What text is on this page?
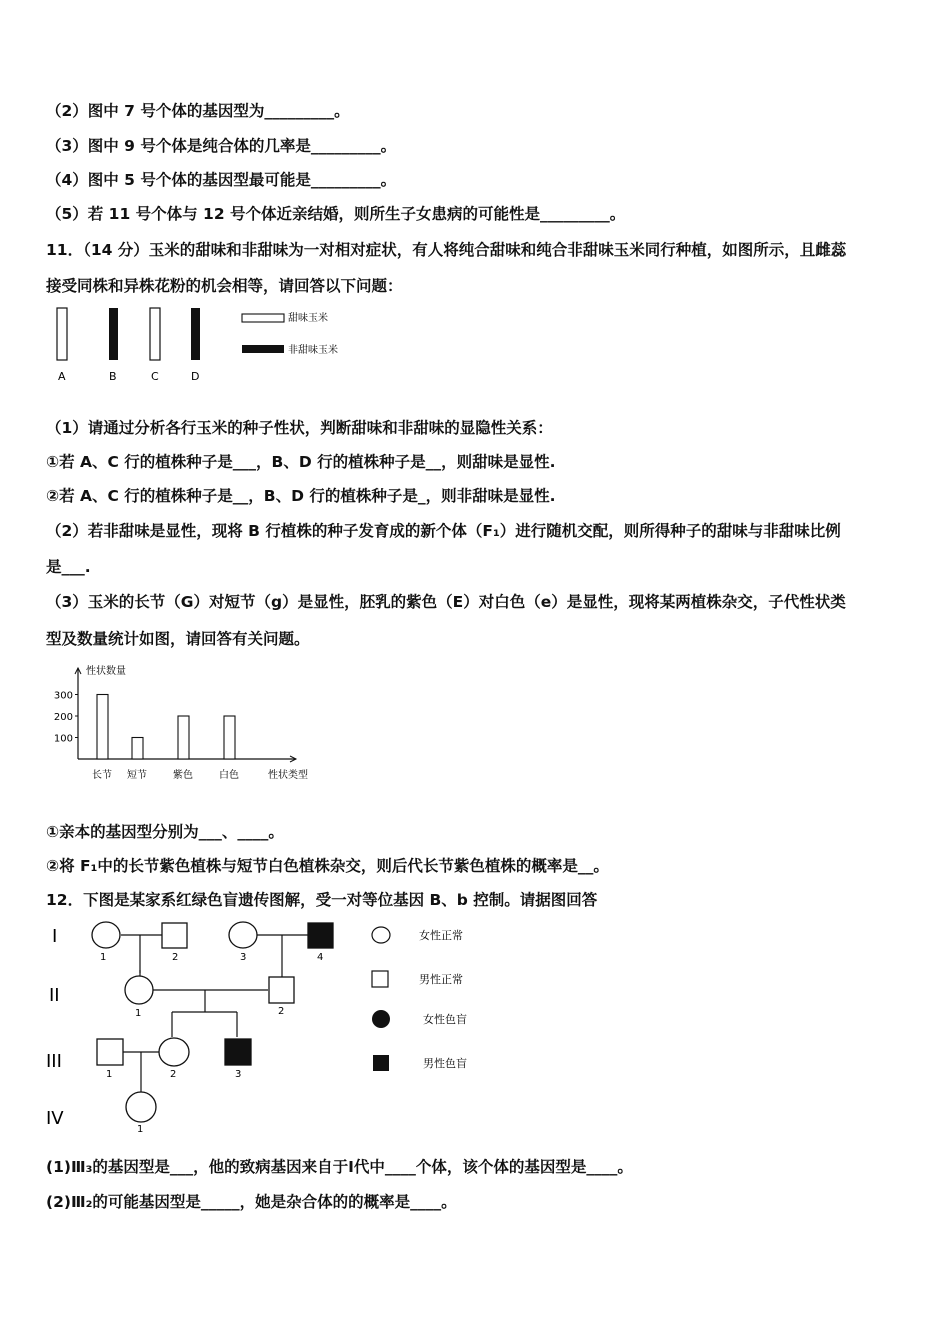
（2）图中 7 号个体的基因型为_________。
（3）图中 9 号个体是纯合体的几率是_________。
（4）图中 5 号个体的基因型最可能是_________。
（5）若 11 号个体与 12 号个体近亲结婚，则所生子女患病的可能性是_________。
11．（14 分）玉米的甜味和非甜味为一对相对症状，有人将纯合甜味和纯合非甜味玉米同行种植，如图所示，且雌蕊
接受同株和异株花粉的机会相等，请回答以下问题：
A	B	C	D
甜味玉米
非甜味玉米
（1）请通过分析各行玉米的种子性状，判断甜味和非甜味的显隐性关系：
①若 A、C 行的植株种子是___，B、D 行的植株种子是__，则甜味是显性.
②若 A、C 行的植株种子是__，B、D 行的植株种子是_，则非甜味是显性.
（2）若非甜味是显性，现将 B 行植株的种子发育成的新个体（F₁）进行随机交配，则所得种子的甜味与非甜味比例
是___.
（3）玉米的长节（G）对短节（g）是显性，胚乳的紫色（E）对白色（e）是显性，现将某两植株杂交，子代性状类
型及数量统计如图，请回答有关问题。
性状数量
性状类型
100
200
300
长节 短节	紫色	白色
①亲本的基因型分别为___、____。
②将 F₁中的长节紫色植株与短节白色植株杂交，则后代长节紫色植株的概率是__。
12．下图是某家系红绿色盲遗传图解，受一对等位基因 B、b 控制。请据图回答
I
II
III
IV
1	2	3	4
1	2
1	2	3
1
女性正常
男性正常
女性色盲
男性色盲
(1)Ⅲ₃的基因型是___，他的致病基因来自于Ⅰ代中____个体，该个体的基因型是____。
(2)Ⅲ₂的可能基因型是_____，她是杂合体的的概率是____。
